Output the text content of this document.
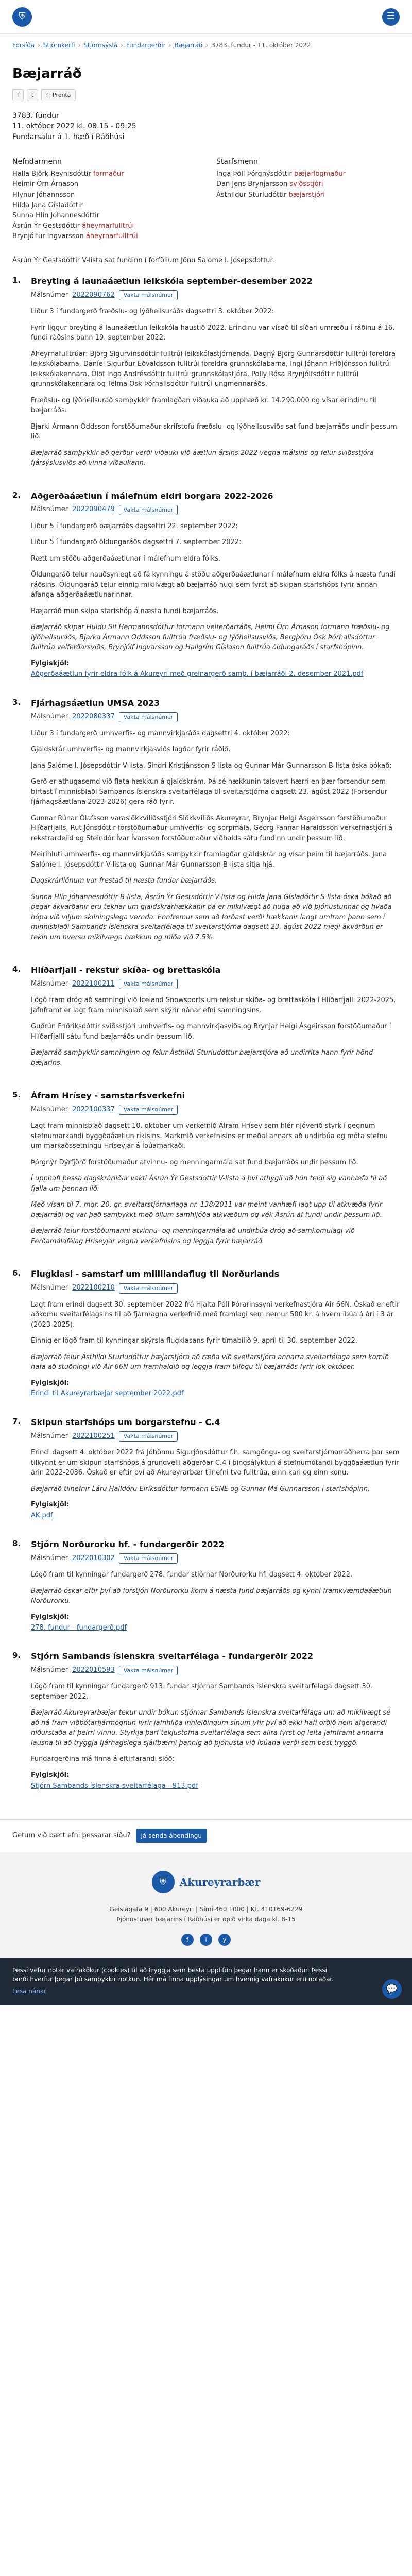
⛨	☰
Forsíða › Stjórnkerfi › Stjórnsýsla › Fundargerðir › Bæjarráð › 3783. fundur - 11. október 2022
Bæjarráð
f	t	⎙ Prenta

3783. fundur

11. október 2022 kl. 08:15 - 09:25

Fundarsalur á 1. hæð í Ráðhúsi

Nefndarmenn
Halla Björk Reynisdóttir formaður
Heimir Örn Árnason
Hlynur Jóhannsson
Hilda Jana Gísladóttir
Sunna Hlín Jóhannesdóttir
Ásrún Ýr Gestsdóttir áheyrnarfulltrúi
Brynjólfur Ingvarsson áheyrnarfulltrúi
Starfsmenn
Inga Þöll Þórgnýsdóttir bæjarlögmaður
Dan Jens Brynjarsson sviðsstjóri
Ásthildur Sturludóttir bæjarstjóri

Ásrún Ýr Gestsdóttir V-lista sat fundinn í forföllum Jönu Salome I. Jósepsdóttur.

1.	Breyting á launaáætlun leikskóla september-desember 2022
Málsnúmer 2022090762	Vakta málsnúmer

Liður 3 í fundargerð fræðslu- og lýðheilsuráðs dagsettri 3. október 2022:

Fyrir liggur breyting á launaáætlun leikskóla haustið 2022. Erindinu var vísað til síðari umræðu í ráðinu á 16. fundi ráðsins þann 19. september 2022.

Áheyrnafulltrúar: Björg Sigurvinsdóttir fulltrúi leikskólastjórnenda, Dagný Björg Gunnarsdóttir fulltrúi foreldra leikskólabarna, Daníel Sigurður Eðvaldsson fulltrúi foreldra grunnskólabarna, Ingi Jóhann Friðjónsson fulltrúi leikskólakennara, Ólöf Inga Andrésdóttir fulltrúi grunnskólastjóra, Polly Rósa Brynjólfsdóttir fulltrúi grunnskólakennara og Telma Ósk Þórhallsdóttir fulltrúi ungmennaráðs.

Fræðslu- og lýðheilsuráð samþykkir framlagðan viðauka að upphæð kr. 14.290.000 og vísar erindinu til bæjarráðs.

Bjarki Ármann Oddsson forstöðumaður skrifstofu fræðslu- og lýðheilsusviðs sat fund bæjarráðs undir þessum lið.

Bæjarráð samþykkir að gerður verði viðauki við áætlun ársins 2022 vegna málsins og felur sviðsstjóra fjársýslusviðs að vinna viðaukann.

2.	Aðgerðaáætlun í málefnum eldri borgara 2022-2026
Málsnúmer 2022090479	Vakta málsnúmer

Liður 5 í fundargerð bæjarráðs dagsettri 22. september 2022:

Liður 5 í fundargerð öldungaráðs dagsettri 7. september 2022:

Rætt um stöðu aðgerðaáætlunar í málefnum eldra fólks.

Öldungaráð telur nauðsynlegt að fá kynningu á stöðu aðgerðaáætlunar í málefnum eldra fólks á næsta fundi ráðsins. Öldungaráð telur einnig mikilvægt að bæjarráð hugi sem fyrst að skipan starfshóps fyrir annan áfanga aðgerðaáætlunarinnar.

Bæjarráð mun skipa starfshóp á næsta fundi bæjarráðs.

Bæjarráð skipar Huldu Sif Hermannsdóttur formann velferðarráðs, Heimi Örn Árnason formann fræðslu- og lýðheilsuráðs, Bjarka Ármann Oddsson fulltrúa fræðslu- og lýðheilsusviðs, Bergþóru Ósk Þórhallsdóttur fulltrúa velferðarsviðs, Brynjólf Ingvarsson og Hallgrím Gíslason fulltrúa öldungaráðs í starfshópinn.

Fylgiskjöl:
Aðgerðaáætlun fyrir eldra fólk á Akureyri með greinargerð samþ. í bæjarráði 2. desember 2021.pdf
3.	Fjárhagsáætlun UMSA 2023
Málsnúmer 2022080337	Vakta málsnúmer

Liður 3 í fundargerð umhverfis- og mannvirkjaráðs dagsettri 4. október 2022:

Gjaldskrár umhverfis- og mannvirkjasviðs lagðar fyrir ráðið.

Jana Salóme I. Jósepsdóttir V-lista, Sindri Kristjánsson S-lista og Gunnar Már Gunnarsson B-lista óska bókað:

Gerð er athugasemd við flata hækkun á gjaldskrám. Þá sé hækkunin talsvert hærri en þær forsendur sem birtast í minnisblaði Sambands íslenskra sveitarfélaga til sveitarstjórna dagsett 23. ágúst 2022 (Forsendur fjárhagsáætlana 2023-2026) gera ráð fyrir.

Gunnar Rúnar Ólafsson varaslökkviliðsstjóri Slökkviliðs Akureyrar, Brynjar Helgi Ásgeirsson forstöðumaður Hlíðarfjalls, Rut Jónsdóttir forstöðumaður umhverfis- og sorpmála, Georg Fannar Haraldsson verkefnastjóri á rekstrardeild og Steindór Ívar Ívarsson forstöðumaður viðhalds sátu fundinn undir þessum lið.

Meirihluti umhverfis- og mannvirkjaráðs samþykkir framlagðar gjaldskrár og vísar þeim til bæjarráðs. Jana Salóme I. Jósepsdóttir V-lista og Gunnar Már Gunnarsson B-lista sitja hjá.

Dagskrárliðnum var frestað til næsta fundar bæjarráðs.

Sunna Hlín Jóhannesdóttir B-lista, Ásrún Ýr Gestsdóttir V-lista og Hilda Jana Gísladóttir S-lista óska bókað að þegar ákvarðanir eru teknar um gjaldskrárhækkanir þá er mikilvægt að huga að við þjónustunnar og hvaða hópa við viljum skilningslega vernda. Ennfremur sem að forðast verði hækkanir langt umfram þann sem í minnisblaði Sambands íslenskra sveitarfélaga til sveitarstjórna dagsett 23. ágúst 2022 megi ákvörðun er tekin um hversu mikilvæga hækkun og miða við 7,5%.

4.	Hlíðarfjall - rekstur skíða- og brettaskóla
Málsnúmer 2022100211	Vakta málsnúmer

Lögð fram drög að samningi við Iceland Snowsports um rekstur skíða- og brettaskóla í Hlíðarfjalli 2022-2025. Jafnframt er lagt fram minnisblað sem skýrir nánar efni samningsins.

Guðrún Fríðriksdóttir sviðsstjóri umhverfis- og mannvirkjasviðs og Brynjar Helgi Ásgeirsson forstöðumaður í Hlíðarfjalli sátu fund bæjarráðs undir þessum lið.

Bæjarráð samþykkir samninginn og felur Ásthildi Sturludóttur bæjarstjóra að undirrita hann fyrir hönd bæjarins.

5.	Áfram Hrísey - samstarfsverkefni
Málsnúmer 2022100337	Vakta málsnúmer

Lagt fram minnisblað dagsett 10. október um verkefnið Áfram Hrísey sem hlér njóverið styrk í gegnum stefnumarkandi byggðaáætlun ríkisins. Markmið verkefnisins er meðal annars að undirbúa og móta stefnu um markaðssetningu Hríseyjar á Íbúamarkaði.

Þórgnýr Dýrfjörð forstöðumaður atvinnu- og menningarmála sat fund bæjarráðs undir þessum lið.

Í upphafi þessa dagskrárliðar vakti Ásrún Ýr Gestsdóttir V-lista á því athygli að hún teldi sig vanhæfa til að fjalla um þennan lið.

Með vísan til 7. mgr. 20. gr. sveitarstjórnarlaga nr. 138/2011 var meint vanhæfi lagt upp til atkvæða fyrir bæjarráði og var það samþykkt með öllum samhljóða atkvæðum og vék Ásrún af fundi undir þessum lið.

Bæjarráð felur forstöðumanni atvinnu- og menningarmála að undirbúa drög að samkomulagi við Ferðamálafélag Hríseyjar vegna verkefnisins og leggja fyrir bæjarráð.

6.	Flugklasi - samstarf um millilandaflug til Norðurlands
Málsnúmer 2022100210	Vakta málsnúmer

Lagt fram erindi dagsett 30. september 2022 frá Hjalta Páli Þórarinssyni verkefnastjóra Air 66N. Óskað er eftir aðkomu sveitarfélagsins til að fjármagna verkefnið með framlagi sem nemur 500 kr. á hvern íbúa á ári í 3 ár (2023-2025).

Einnig er lögð fram til kynningar skýrsla flugklasans fyrir tímabilið 9. apríl til 30. september 2022.

Bæjarráð felur Ásthildi Sturludóttur bæjarstjóra að ræða við sveitarstjóra annarra sveitarfélaga sem komið hafa að stuðningi við Air 66N um framhaldið og leggja fram tillögu til bæjarráðs fyrir lok október.

Fylgiskjöl:
Erindi til Akureyrarbæjar september 2022.pdf
7.	Skipun starfshóps um borgarstefnu - C.4
Málsnúmer 2022100251	Vakta málsnúmer

Erindi dagsett 4. október 2022 frá Jóhönnu Sigurjónsdóttur f.h. samgöngu- og sveitarstjórnarráðherra þar sem tilkynnt er um skipun starfshóps á grundvelli aðgerðar C.4 í þingsályktun á stefnumótandi byggðaáætlun fyrir árin 2022-2036. Óskað er eftir því að Akureyrarbær tilnefni tvo fulltrúa, einn karl og einn konu.

Bæjarráð tilnefnir Láru Halldóru Eiríksdóttur formann ESNE og Gunnar Má Gunnarsson í starfshópinn.

Fylgiskjöl:
AK.pdf
8.	Stjórn Norðurorku hf. - fundargerðir 2022
Málsnúmer 2022010302	Vakta málsnúmer

Lögð fram til kynningar fundargerð 278. fundar stjórnar Norðurorku hf. dagsett 4. október 2022.

Bæjarráð óskar eftir því að forstjóri Norðurorku komi á næsta fund bæjarráðs og kynni framkvæmdaáætlun Norðurorku.

Fylgiskjöl:
278. fundur - fundargerð.pdf
9.	Stjórn Sambands íslenskra sveitarfélaga - fundargerðir 2022
Málsnúmer 2022010593	Vakta málsnúmer

Lögð fram til kynningar fundargerð 913. fundar stjórnar Sambands íslenskra sveitarfélaga dagsett 30. september 2022.

Bæjarráð Akureyrarbæjar tekur undir bókun stjórnar Sambands íslenskra sveitarfélaga um að mikilvægt sé að ná fram viðbótarfjármögnun fyrir jafnhliða innleiðingum sínum yfir því að ekki hafi orðið nein afgerandi niðurstaða af þeirri vinnu. Styrkja þarf tekjustofna sveitarfélaga sem allra fyrst og leita jafnframt annarra lausna til að tryggja fjárhagslega sjálfbærni þannig að þjónusta við íbúana verði sem best tryggð.

Fundargerðina má finna á eftirfarandi slóð:

Fylgiskjöl:
Stjórn Sambands íslenskra sveitarfélaga - 913.pdf
Getum við bætt efni þessarar síðu?	Já senda ábendingu
⛨	Akureyrarbær

Geislagata 9 | 600 Akureyri | Sími 460 1000 | Kt. 410169-6229

Þjónustuver bæjarins í Ráðhúsi er opið virka daga kl. 8-15

f	i	y

Þessi vefur notar vafrakökur (cookies) til að tryggja sem besta upplifun þegar hann er skoðaður. Þessi borði hverfur þegar þú samþykkir notkun. Hér má finna upplýsingar um hvernig vafrakökur eru notaðar.

Lesa nánar	💬
